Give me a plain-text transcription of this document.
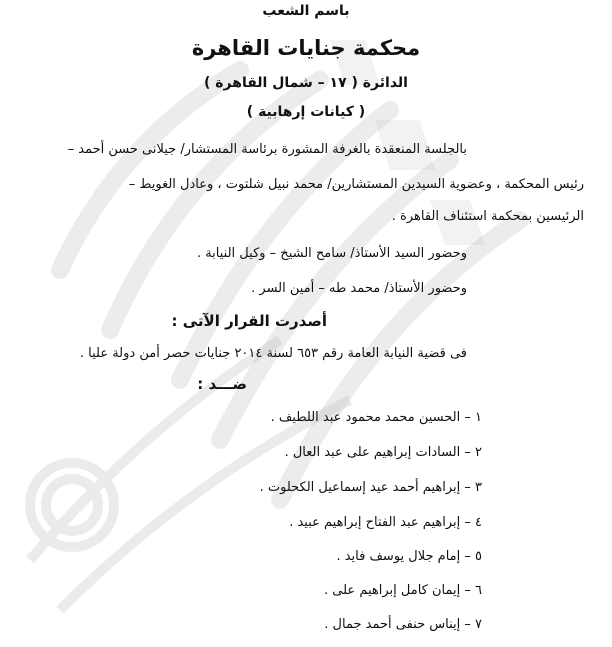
باسم الشعب
محكمة جنايات القاهرة
الدائرة ( ١٧ – شمال القاهرة )
( كيانات إرهابية )
بالجلسة المنعقدة بالغرفة المشورة برئاسة المستشار/ جيلانى حسن أحمد –
رئيس المحكمة ، وعضوية السيدين المستشارين/ محمد نبيل شلتوت ، وعادل الغويط –
الرئيسين بمحكمة استئناف القاهرة .
وحضور السيد الأستاذ/ سامح الشيخ – وكيل النيابة .
وحضور الأستاذ/ محمد طه – أمين السر .
أصدرت القرار الآتى :
فى قضية النيابة العامة رقم ٦٥٣ لسنة ٢٠١٤ جنايات حصر أمن دولة عليا .
ضـــد :
١ – الحسين محمد محمود عبد اللطيف .
٢ – السادات إبراهيم على عبد العال .
٣ – إبراهيم أحمد عيد إسماعيل الكحلوت .
٤ – إبراهيم عبد الفتاح إبراهيم عبيد .
٥ – إمام جلال يوسف فايد .
٦ – إيمان كامل إبراهيم على .
٧ – إيناس حنفى أحمد جمال .
